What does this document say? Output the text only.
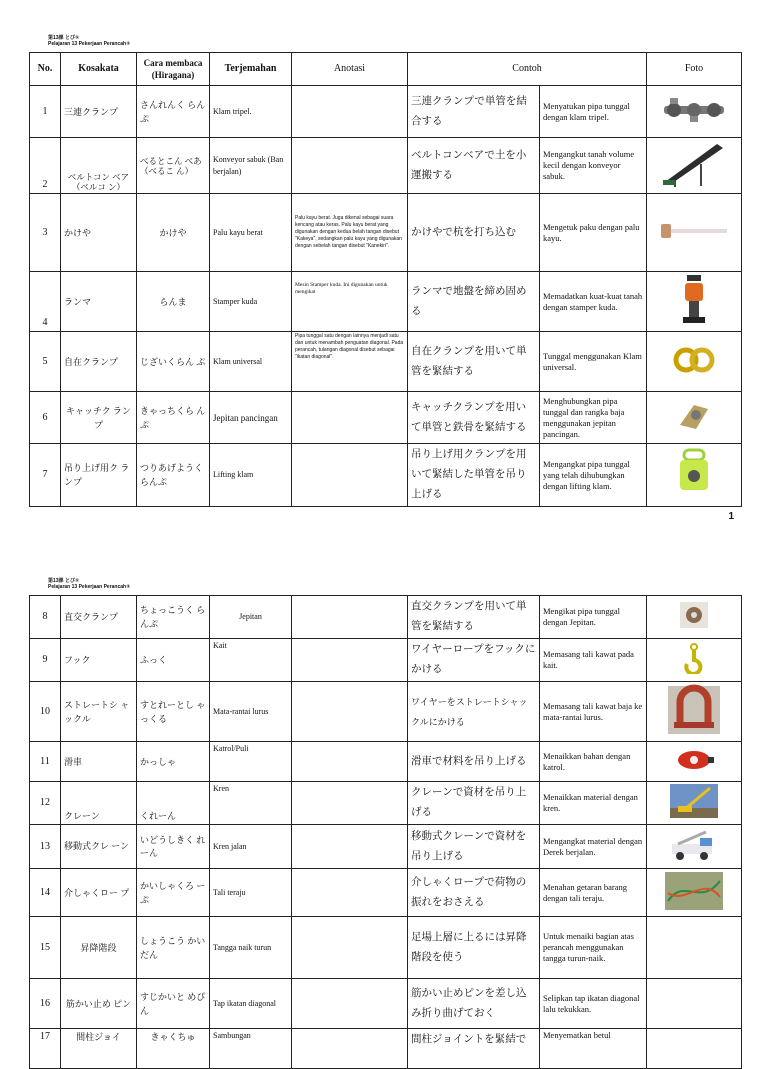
第13課 とび①
Pelajaran 13 Pekerjaan Perancah①
No.	Kosakata	Cara membaca
(Hiragana)	Terjemahan	Anotasi	Contoh		Foto
1	三連クランプ	さんれんく らんぷ	Klam tripel.		三連クランプで単管を結合する	Menyatukan pipa tunggal dengan klam tripel.	
2	ベルトコン ベア （ベルコ ン）	べるとこん べあ （べるこ ん）	Konveyor sabuk (Ban berjalan)		ベルトコンベアで土を小運搬する	Mengangkut tanah volume kecil dengan konveyor sabuk.	
3	かけや	かけや	Palu kayu berat	Palu kayu berat. Juga dikenal sebagai suara kencang atau keras. Palu kayu berat yang digunakan dengan kedua belah tangan disebut "Kakeya", sedangkan palu kayu yang digunakan dengan sebelah tangan disebut "Kanekiri".	かけやで杭を打ち込む	Mengetuk paku dengan palu kayu.	
4	ランマ	らんま	Stamper kuda	Mesin Stamper kuda. Ini digunakan untuk mengikat	ランマで地盤を締め固める	Memadatkan kuat-kuat tanah dengan stamper kuda.	
5	自在クランプ	じざいくらん ぷ	Klam universal	Pipa tunggal satu dengan lainnya menjadi satu dan untuk menambah penguatan diagonal. Pada perancah, tulangan diagonal disebut sebagai "ikatan diagonal".	自在クランプを用いて単管を緊結する	Tunggal menggunakan Klam universal.	
6	キャッチク ランプ	きゃっちくら んぷ	Jepitan pancingan		キャッチクランプを用いて単管と鉄骨を緊結する	Menghubungkan pipa tunggal dan rangka baja menggunakan jepitan pancingan.	
7	吊り上げ用ク ランプ	つりあげようく らんぷ	Lifting klam		吊り上げ用クランプを用いて緊結した単管を吊り上げる	Mengangkat pipa tunggal yang telah dihubungkan dengan lifting klam.	
1
第13課 とび①
Pelajaran 13 Pekerjaan Perancah①
8	直交クランプ	ちょっこうく らんぷ	Jepitan		直交クランプを用いて単管を緊結する	Mengikat pipa tunggal dengan Jepitan.	
9	フック	ふっく	Kait		ワイヤーロープをフックにかける	Memasang tali kawat pada kait.	
10	ストレートシ ャックル	すとれーとし ゃっくる	Mata-rantai lurus		ワイヤーをストレートシャックルにかける	Memasang tali kawat baja ke mata-rantai lurus.	
11	滑車	かっしゃ	Katrol/Puli		滑車で材料を吊り上げる	Menaikkan bahan dengan katrol.	
12	クレーン	くれーん	Kren		クレーンで資材を吊り上げる	Menaikkan material dengan kren.	
13	移動式クレ ーン	いどうしきく れーん	Kren jalan		移動式クレーンで資材を吊り上げる	Mengangkat material dengan Derek berjalan.	
14	介しゃくロー プ	かいしゃくろ ーぷ	Tali teraju		介しゃくロープで荷物の振れをおさえる	Menahan getaran barang dengan tali teraju.	
15	昇降階段	しょうこう かいだん	Tangga naik turun		足場上層に上るには昇降階段を使う	Untuk menaiki bagian atas perancah menggunakan tangga turun-naik.	
16	筋かい止め ピン	すじかいと めぴん	Tap ikatan diagonal		筋かい止めピンを差し込み折り曲げておく	Selipkan tap ikatan diagonal lalu tekukkan.	
17	間柱ジョイ	きゃくちゅ	Sambungan		間柱ジョイントを緊結で	Menyematkan betul	
